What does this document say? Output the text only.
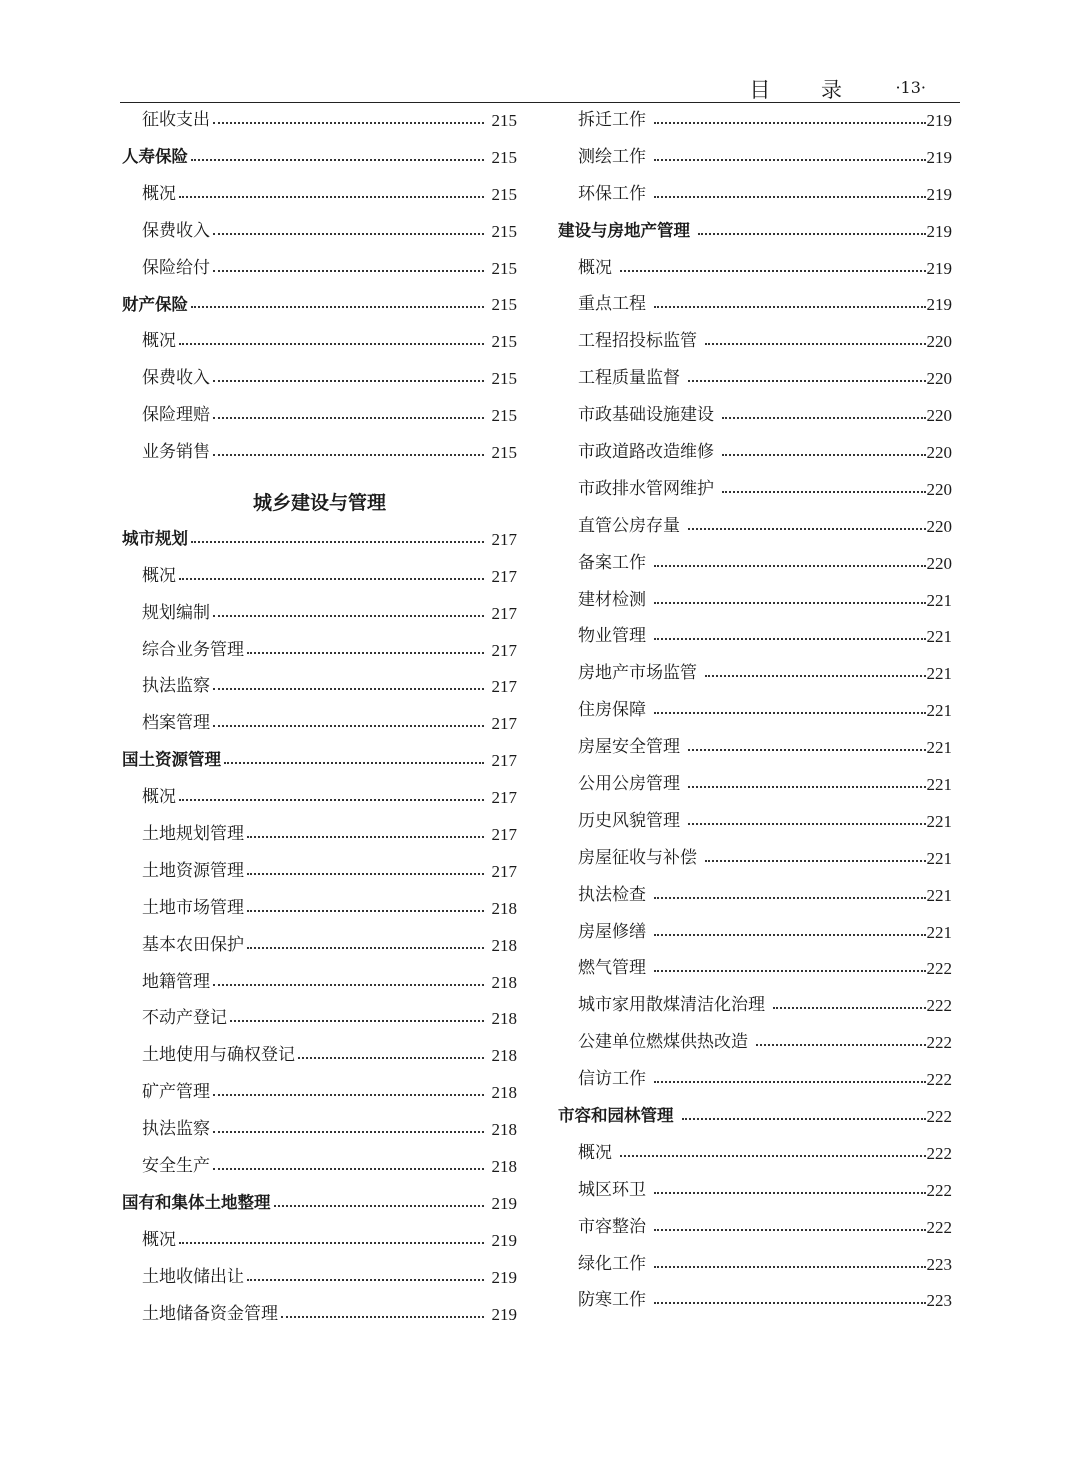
目 录 ·13·
征收支出	215
人寿保险	215
概况	215
保费收入	215
保险给付	215
财产保险	215
概况	215
保费收入	215
保险理赔	215
业务销售	215
城乡建设与管理
城市规划	217
概况	217
规划编制	217
综合业务管理	217
执法监察	217
档案管理	217
国土资源管理	217
概况	217
土地规划管理	217
土地资源管理	217
土地市场管理	218
基本农田保护	218
地籍管理	218
不动产登记	218
土地使用与确权登记	218
矿产管理	218
执法监察	218
安全生产	218
国有和集体土地整理	219
概况	219
土地收储出让	219
土地储备资金管理	219
拆迁工作	219
测绘工作	219
环保工作	219
建设与房地产管理	219
概况	219
重点工程	219
工程招投标监管	220
工程质量监督	220
市政基础设施建设	220
市政道路改造维修	220
市政排水管网维护	220
直管公房存量	220
备案工作	220
建材检测	221
物业管理	221
房地产市场监管	221
住房保障	221
房屋安全管理	221
公用公房管理	221
历史风貌管理	221
房屋征收与补偿	221
执法检查	221
房屋修缮	221
燃气管理	222
城市家用散煤清洁化治理	222
公建单位燃煤供热改造	222
信访工作	222
市容和园林管理	222
概况	222
城区环卫	222
市容整治	222
绿化工作	223
防寒工作	223
